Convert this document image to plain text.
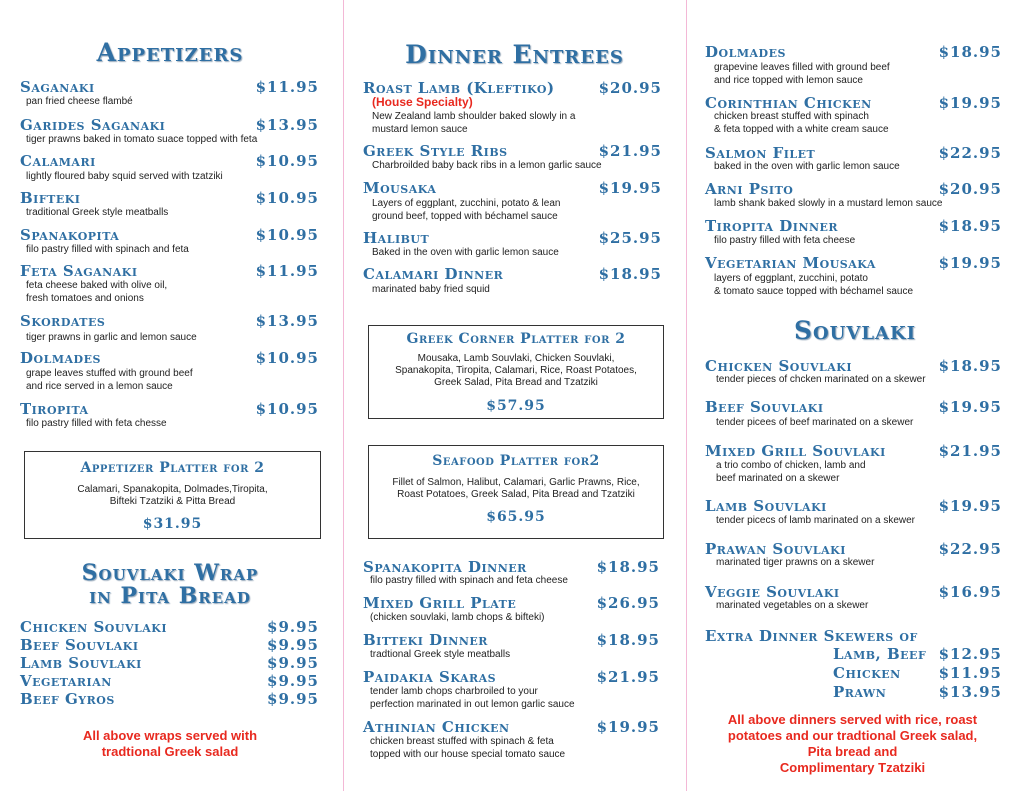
Appetizers
Saganaki	$11.95
pan fried cheese flambé
Garides Saganaki	$13.95
tiger prawns baked in tomato suace topped with feta
Calamari	$10.95
lightly floured baby squid served with tzatziki
Bifteki	$10.95
traditional Greek style meatballs
Spanakopita	$10.95
filo pastry filled with spinach and feta
Feta Saganaki	$11.95
feta cheese baked with olive oil,
fresh tomatoes and onions
Skordates	$13.95
tiger prawns in garlic and lemon sauce
Dolmades	$10.95
grape leaves stuffed with ground beef
and rice served in a lemon sauce
Tiropita	$10.95
filo pastry filled with feta chesse
Appetizer Platter for 2
Calamari, Spanakopita, Dolmades,Tiropita,
Bifteki Tzatziki & Pitta Bread
$31.95
Souvlaki Wrap
in Pita Bread
Chicken Souvlaki	$9.95
Beef Souvlaki	$9.95
Lamb Souvlaki	$9.95
Vegetarian	$9.95
Beef Gyros	$9.95
All above wraps served with
tradtional Greek salad
Dinner Entrees
Roast Lamb (Kleftiko)	$20.95
(House Specialty)
New Zealand lamb shoulder baked slowly in a
mustard lemon sauce
Greek Style Ribs	$21.95
Charbroilded baby back ribs in a lemon garlic sauce
Mousaka	$19.95
Layers of eggplant, zucchini, potato & lean
ground beef, topped with béchamel sauce
Halibut	$25.95
Baked in the oven with garlic lemon sauce
Calamari Dinner	$18.95
marinated baby fried squid
Greek Corner Platter for 2
Mousaka, Lamb Souvlaki, Chicken Souvlaki,
Spanakopita, Tiropita, Calamari, Rice, Roast Potatoes,
Greek Salad, Pita Bread and Tzatziki
$57.95
Seafood Platter for2
Fillet of Salmon, Halibut, Calamari, Garlic Prawns, Rice,
Roast Potatoes, Greek Salad, Pita Bread and Tzatziki
$65.95
Spanakopita Dinner	$18.95
filo pastry filled with spinach and feta cheese
Mixed Grill Plate	$26.95
(chicken souvlaki, lamb chops & bifteki)
Bitteki Dinner	$18.95
tradtional Greek style meatballs
Paidakia Skaras	$21.95
tender lamb chops charbroiled to your
perfection marinated in out lemon garlic sauce
Athinian Chicken	$19.95
chicken breast stuffed with spinach & feta
topped with our house special tomato sauce
Dolmades	$18.95
grapevine leaves filled with ground beef
and rice topped with lemon sauce
Corinthian Chicken	$19.95
chicken breast stuffed with spinach
& feta topped with a white cream sauce
Salmon Filet	$22.95
baked in the oven with garlic lemon sauce
Arni Psito	$20.95
lamb shank baked slowly in a mustard lemon sauce
Tiropita Dinner	$18.95
filo pastry filled with feta cheese
Vegetarian Mousaka	$19.95
layers of eggplant, zucchini, potato
& tomato sauce topped with béchamel sauce
Souvlaki
Chicken Souvlaki	$18.95
tender pieces of chcken marinated on a skewer
Beef Souvlaki	$19.95
tender picees of beef marinated on a skewer
Mixed Grill Souvlaki	$21.95
a trio combo of chicken, lamb and
beef marinated on a skewer
Lamb Souvlaki	$19.95
tender picecs of lamb marinated on a skewer
Prawan Souvlaki	$22.95
marinated tiger prawns on a skewer
Veggie Souvlaki	$16.95
marinated vegetables on a skewer
Extra Dinner Skewers of
Lamb, Beef $12.95
Chicken	$11.95
Prawn	$13.95
All above dinners served with rice, roast
potatoes and our tradtional Greek salad,
Pita bread and
Complimentary Tzatziki
